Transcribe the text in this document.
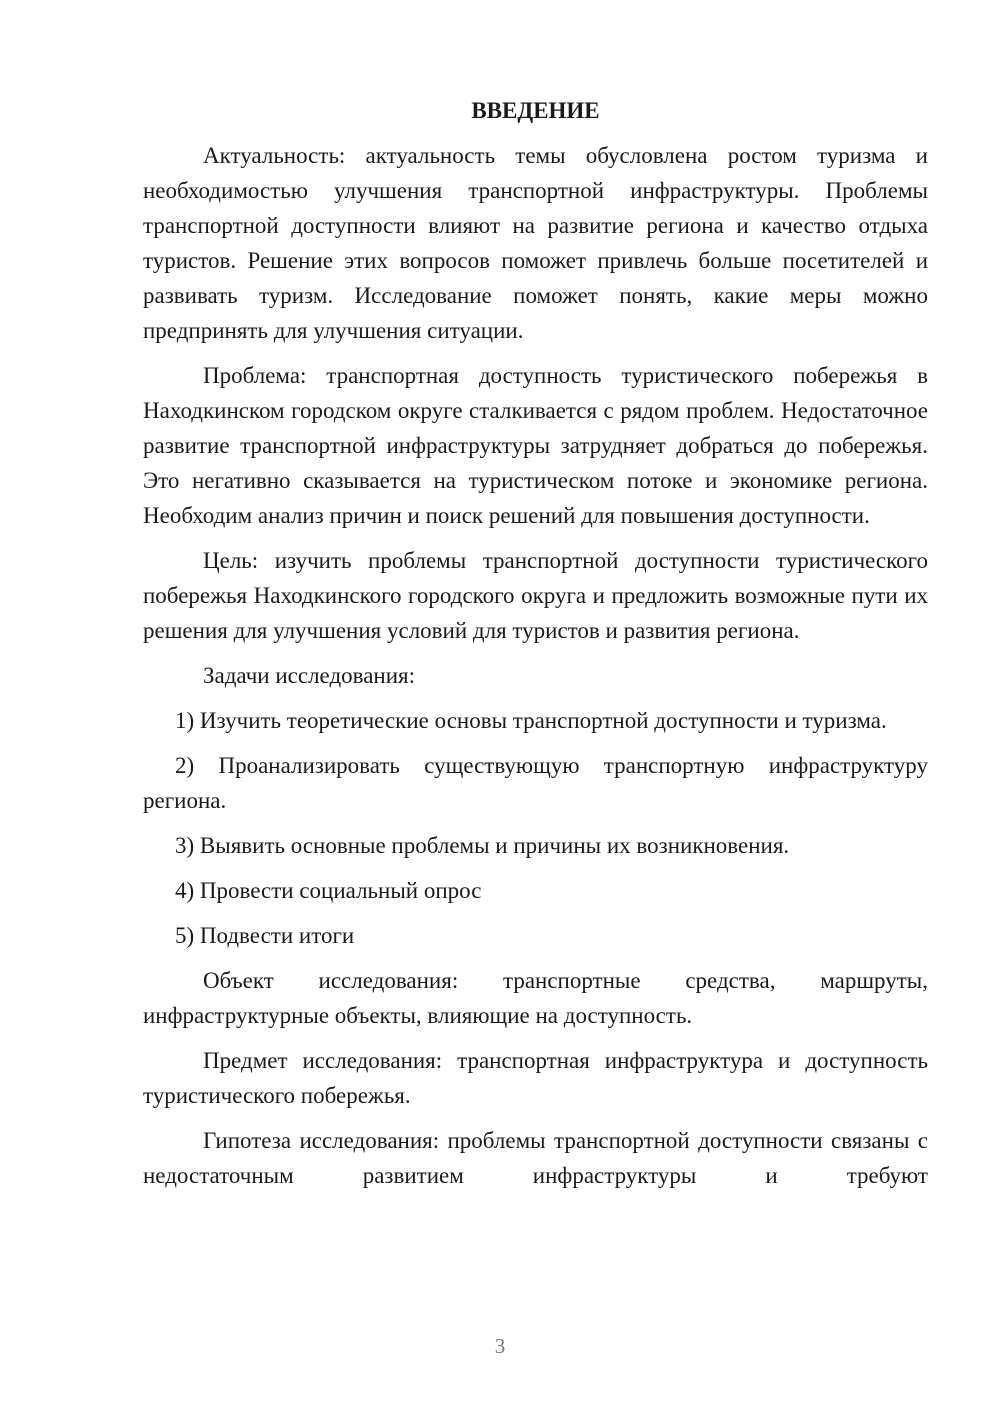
ВВЕДЕНИЕ

Актуальность: актуальность темы обусловлена ростом туризма и необходимостью улучшения транспортной инфраструктуры. Проблемы транспортной доступности влияют на развитие региона и качество отдыха туристов. Решение этих вопросов поможет привлечь больше посетителей и развивать туризм. Исследование поможет понять, какие меры можно предпринять для улучшения ситуации.

Проблема: транспортная доступность туристического побережья в Находкинском городском округе сталкивается с рядом проблем. Недостаточное развитие транспортной инфраструктуры затрудняет добраться до побережья. Это негативно сказывается на туристическом потоке и экономике региона. Необходим анализ причин и поиск решений для повышения доступности.

Цель: изучить проблемы транспортной доступности туристического побережья Находкинского городского округа и предложить возможные пути их решения для улучшения условий для туристов и развития региона.

Задачи исследования:

1) Изучить теоретические основы транспортной доступности и туризма.

2) Проанализировать существующую транспортную инфраструктуру региона.

3) Выявить основные проблемы и причины их возникновения.

4) Провести социальный опрос

5) Подвести итоги

Объект исследования: транспортные средства, маршруты, инфраструктурные объекты, влияющие на доступность.

Предмет исследования: транспортная инфраструктура и доступность туристического побережья.

Гипотеза исследования: проблемы транспортной доступности связаны с недостаточным развитием инфраструктуры и требуют

3
